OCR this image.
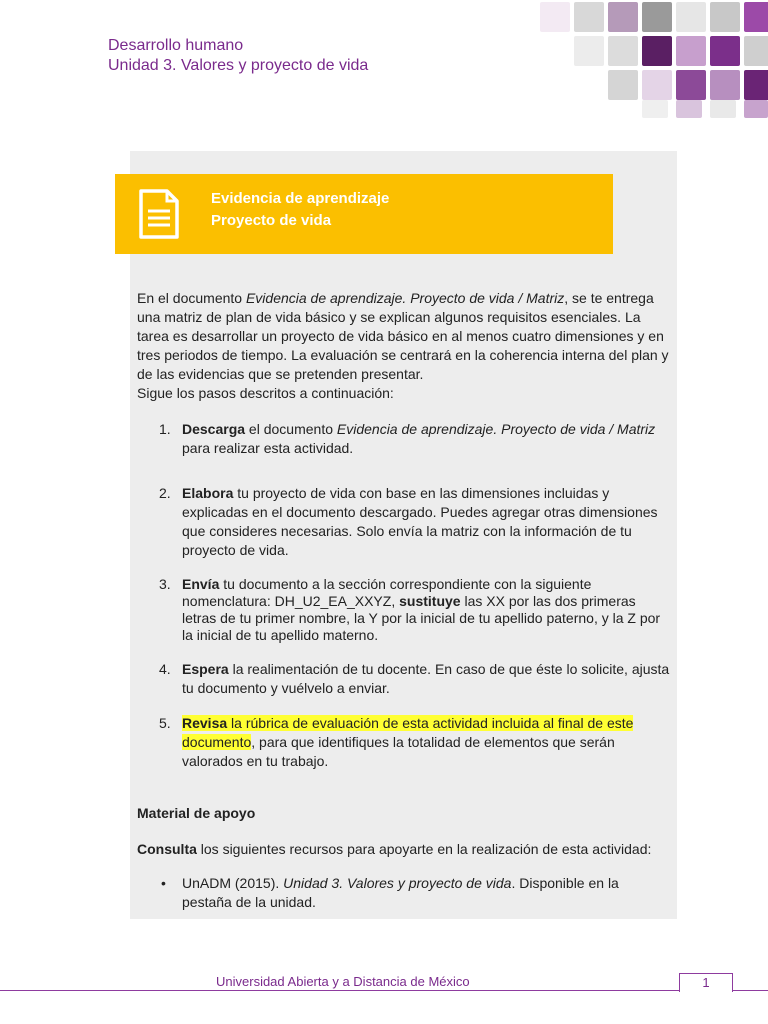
Desarrollo humano
Unidad 3. Valores y proyecto de vida
Evidencia de aprendizaje
Proyecto de vida

En el documento Evidencia de aprendizaje. Proyecto de vida / Matriz, se te entrega una matriz de plan de vida básico y se explican algunos requisitos esenciales. La tarea es desarrollar un proyecto de vida básico en al menos cuatro dimensiones y en tres periodos de tiempo. La evaluación se centrará en la coherencia interna del plan y de las evidencias que se pretenden presentar.
Sigue los pasos descritos a continuación:

1. Descarga el documento Evidencia de aprendizaje. Proyecto de vida / Matriz para realizar esta actividad.
2. Elabora tu proyecto de vida con base en las dimensiones incluidas y explicadas en el documento descargado. Puedes agregar otras dimensiones que consideres necesarias. Solo envía la matriz con la información de tu proyecto de vida.
3. Envía tu documento a la sección correspondiente con la siguiente nomenclatura: DH_U2_EA_XXYZ, sustituye las XX por las dos primeras letras de tu primer nombre, la Y por la inicial de tu apellido paterno, y la Z por la inicial de tu apellido materno.
4. Espera la realimentación de tu docente. En caso de que éste lo solicite, ajusta tu documento y vuélvelo a enviar.
5. Revisa la rúbrica de evaluación de esta actividad incluida al final de este documento, para que identifiques la totalidad de elementos que serán valorados en tu trabajo.

Material de apoyo

Consulta los siguientes recursos para apoyarte en la realización de esta actividad:

• UnADM (2015). Unidad 3. Valores y proyecto de vida. Disponible en la pestaña de la unidad.
Universidad Abierta y a Distancia de México	1
